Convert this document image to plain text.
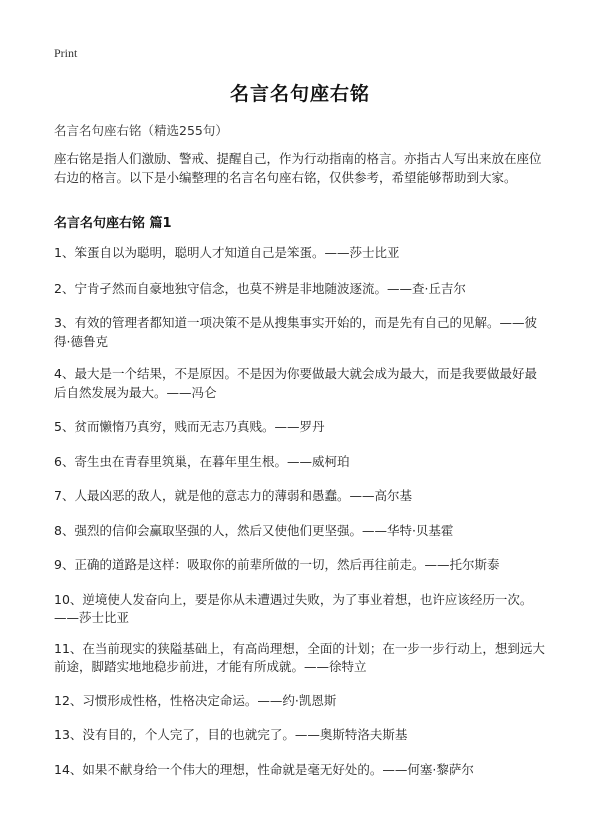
Print
名言名句座右铭

名言名句座右铭（精选255句）

座右铭是指人们激励、警戒、提醒自己，作为行动指南的格言。亦指古人写出来放在座位右边的格言。以下是小编整理的名言名句座右铭，仅供参考，希望能够帮助到大家。

名言名句座右铭 篇1
1、笨蛋自以为聪明，聪明人才知道自己是笨蛋。——莎士比亚
2、宁肯孑然而自豪地独守信念，也莫不辨是非地随波逐流。——查·丘吉尔
3、有效的管理者都知道一项决策不是从搜集事实开始的，而是先有自己的见解。——彼得·德鲁克
4、最大是一个结果，不是原因。不是因为你要做最大就会成为最大，而是我要做最好最后自然发展为最大。——冯仑
5、贫而懒惰乃真穷，贱而无志乃真贱。——罗丹
6、寄生虫在青春里筑巢，在暮年里生根。——威柯珀
7、人最凶恶的敌人，就是他的意志力的薄弱和愚蠢。——高尔基
8、强烈的信仰会赢取坚强的人，然后又使他们更坚强。——华特·贝基霍
9、正确的道路是这样：吸取你的前辈所做的一切，然后再往前走。——托尔斯泰
10、逆境使人发奋向上，要是你从未遭遇过失败，为了事业着想，也许应该经历一次。——莎士比亚
11、在当前现实的狭隘基础上，有高尚理想，全面的计划；在一步一步行动上，想到远大前途，脚踏实地地稳步前进，才能有所成就。——徐特立
12、习惯形成性格，性格决定命运。——约·凯恩斯
13、没有目的，个人完了，目的也就完了。——奥斯特洛夫斯基
14、如果不献身给一个伟大的理想，性命就是毫无好处的。——何塞·黎萨尔
